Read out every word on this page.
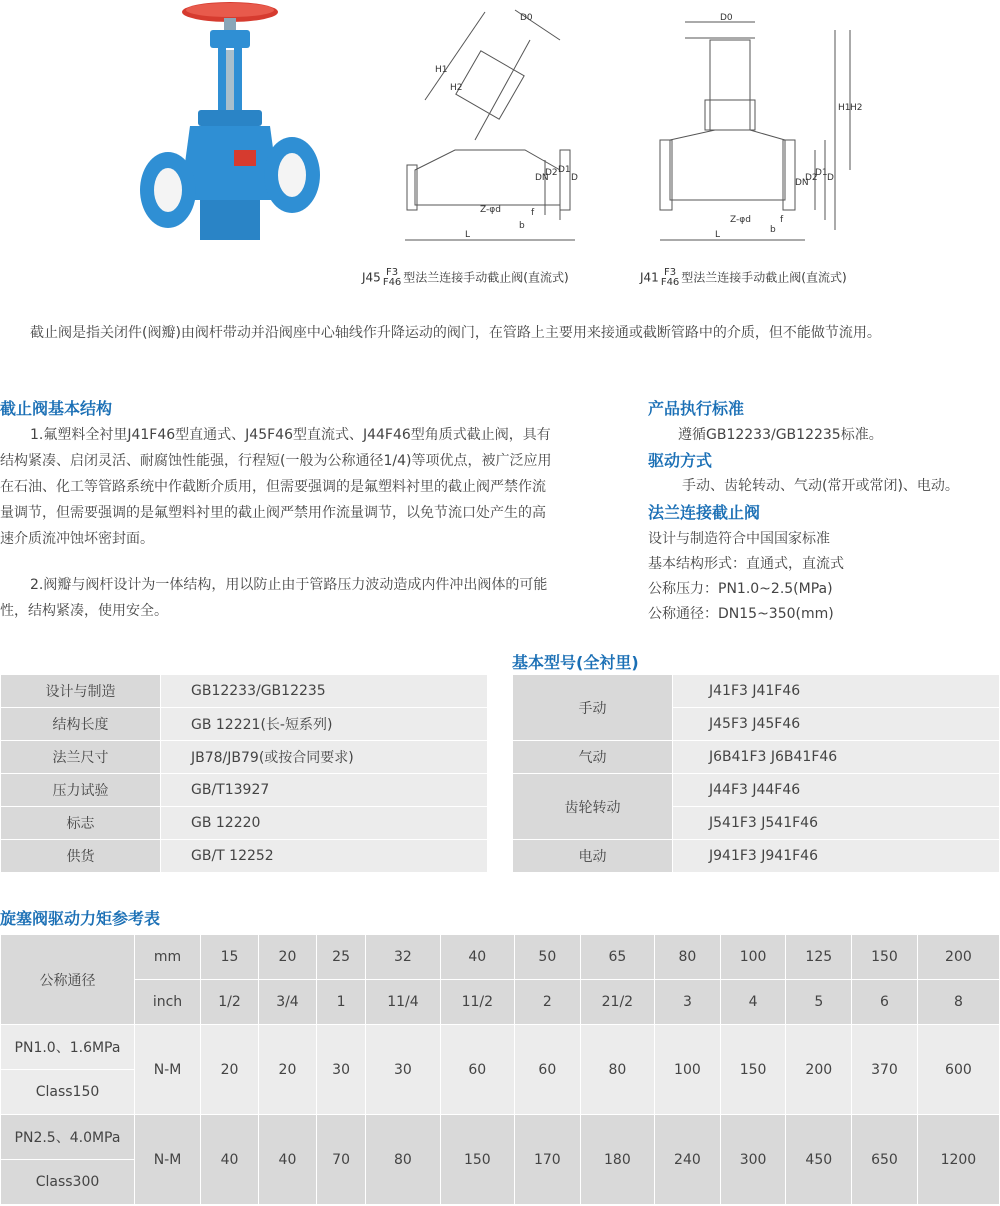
D0
H1
H2
DN
D2 D1
D
Z-φd
b
f
L
D0
H1 H2
DN
D2
D1 D
Z-φd
b
f
L
J45 F3
F46 型法兰连接手动截止阀(直流式)	J41 F3
F46 型法兰连接手动截止阀(直流式)
截止阀是指关闭件(阀瓣)由阀杆带动并沿阀座中心轴线作升降运动的阀门，在管路上主要用来接通或截断管路中的介质，但不能做节流用。
截止阀基本结构
1.氟塑料全衬里J41F46型直通式、J45F46型直流式、J44F46型角质式截止阀，具有结构紧凑、启闭灵活、耐腐蚀性能强，行程短(一般为公称通径1/4)等项优点，被广泛应用在石油、化工等管路系统中作截断介质用，但需要强调的是氟塑料衬里的截止阀严禁作流量调节，但需要强调的是氟塑料衬里的截止阀严禁用作流量调节，以免节流口处产生的高速介质流冲蚀坏密封面。
2.阀瓣与阀杆设计为一体结构，用以防止由于管路压力波动造成内件冲出阀体的可能性，结构紧凑，使用安全。
产品执行标准
遵循GB12233/GB12235标准。
驱动方式
手动、齿轮转动、气动(常开或常闭)、电动。
法兰连接截止阀
设计与制造符合中国国家标准
基本结构形式：直通式，直流式
公称压力：PN1.0~2.5(MPa)
公称通径：DN15~350(mm)
设计与制造	GB12233/GB12235
结构长度	GB 12221(长-短系列)
法兰尺寸	JB78/JB79(或按合同要求)
压力试验	GB/T13927
标志	GB 12220
供货	GB/T 12252
基本型号(全衬里)
手动	J41F3 J41F46
	J45F3 J45F46
气动	J6B41F3 J6B41F46
齿轮转动	J44F3 J44F46
	J541F3 J541F46
电动	J941F3 J941F46
旋塞阀驱动力矩参考表
公称通径	mm	15	20	25	32	40	50	65	80	100	125	150	200
	inch	1/2	3/4	1	11/4	11/2	2	21/2	3	4	5	6	8
PN1.0、1.6MPa	N-M	20	20	30	30	60	60	80	100	150	200	370	600
Class150													
PN2.5、4.0MPa	N-M	40	40	70	80	150	170	180	240	300	450	650	1200
Class300													
